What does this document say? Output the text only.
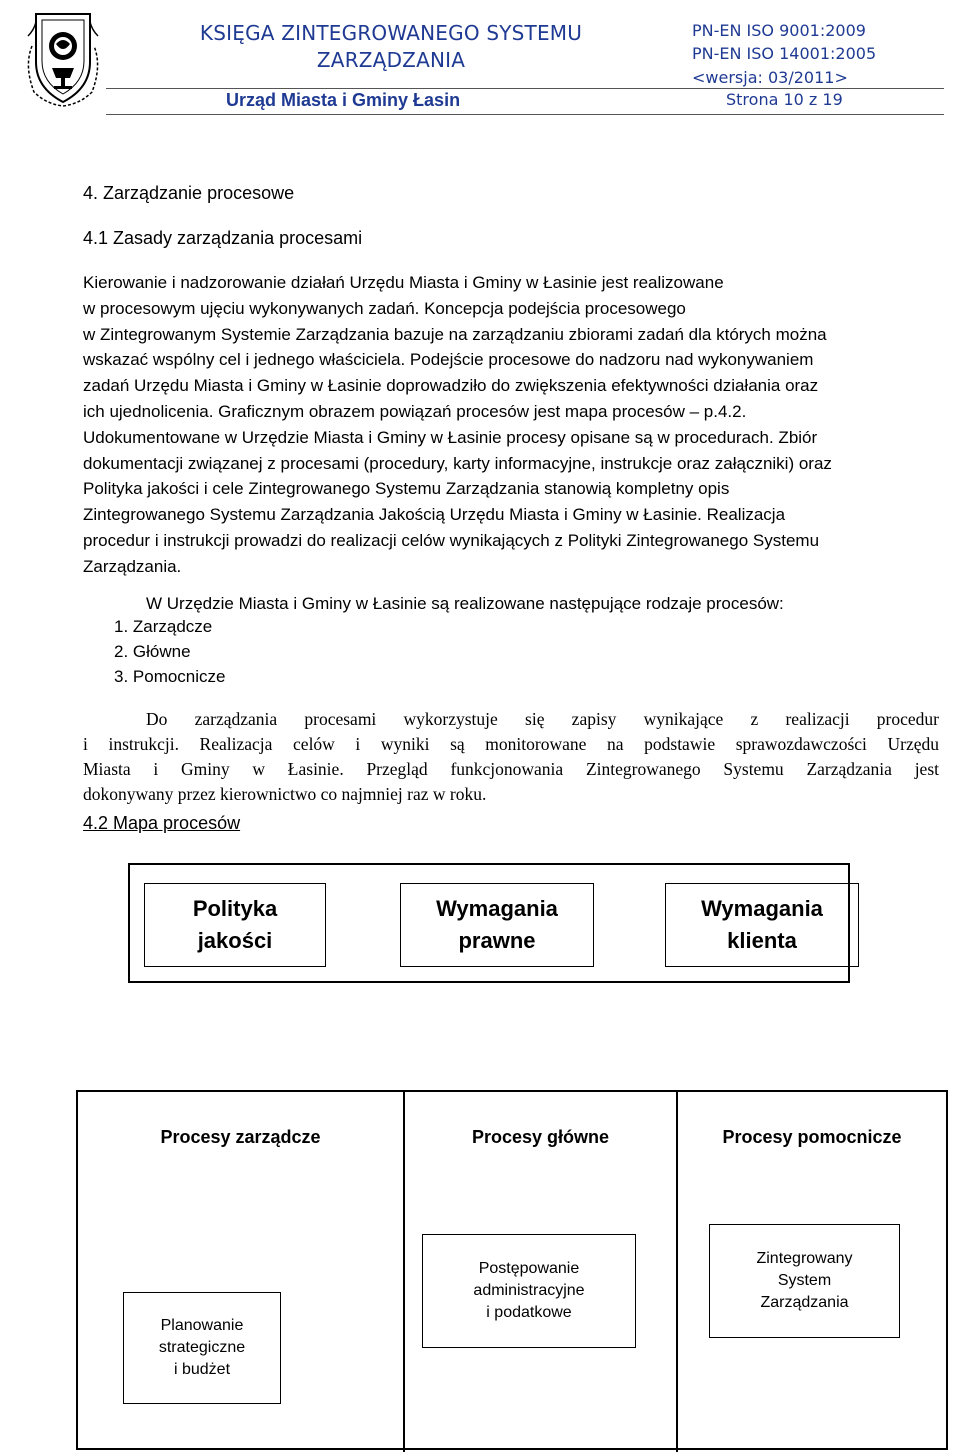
KSIĘGA ZINTEGROWANEGO SYSTEMU
ZARZĄDZANIA
PN-EN ISO 9001:2009
PN-EN ISO 14001:2005
<wersja: 03/2011>
Urząd Miasta i Gminy Łasin	Strona 10 z 19
4. Zarządzanie procesowe
4.1 Zasady zarządzania procesami
Kierowanie i nadzorowanie działań Urzędu Miasta i Gminy w Łasinie jest realizowane
w procesowym ujęciu wykonywanych zadań. Koncepcja podejścia procesowego
w Zintegrowanym Systemie Zarządzania bazuje na zarządzaniu zbiorami zadań dla których można
wskazać wspólny cel i jednego właściciela. Podejście procesowe do nadzoru nad wykonywaniem
zadań Urzędu Miasta i Gminy w Łasinie doprowadziło do zwiększenia efektywności działania oraz
ich ujednolicenia. Graficznym obrazem powiązań procesów jest mapa procesów – p.4.2.
Udokumentowane w Urzędzie Miasta i Gminy w Łasinie procesy opisane są w procedurach. Zbiór
dokumentacji związanej z procesami (procedury, karty informacyjne, instrukcje oraz załączniki) oraz
Polityka jakości i cele Zintegrowanego Systemu Zarządzania stanowią kompletny opis
Zintegrowanego Systemu Zarządzania Jakością Urzędu Miasta i Gminy w Łasinie. Realizacja
procedur i instrukcji prowadzi do realizacji celów wynikających z Polityki Zintegrowanego Systemu
Zarządzania.
W Urzędzie Miasta i Gminy w Łasinie są realizowane następujące rodzaje procesów:
1. Zarządcze
2. Główne
3. Pomocnicze
Do zarządzania procesami wykorzystuje się zapisy wynikające z realizacji procedur
i instrukcji. Realizacja celów i wyniki są monitorowane na podstawie sprawozdawczości Urzędu
Miasta i Gminy w Łasinie. Przegląd funkcjonowania Zintegrowanego Systemu Zarządzania jest
dokonywany przez kierownictwo co najmniej raz w roku.
4.2 Mapa procesów
Polityka
jakości
Wymagania
prawne
Wymagania
klienta
Procesy zarządcze	Procesy główne	Procesy pomocnicze
Planowanie
strategiczne
i budżet
Postępowanie
administracyjne
i podatkowe
Zintegrowany
System
Zarządzania
